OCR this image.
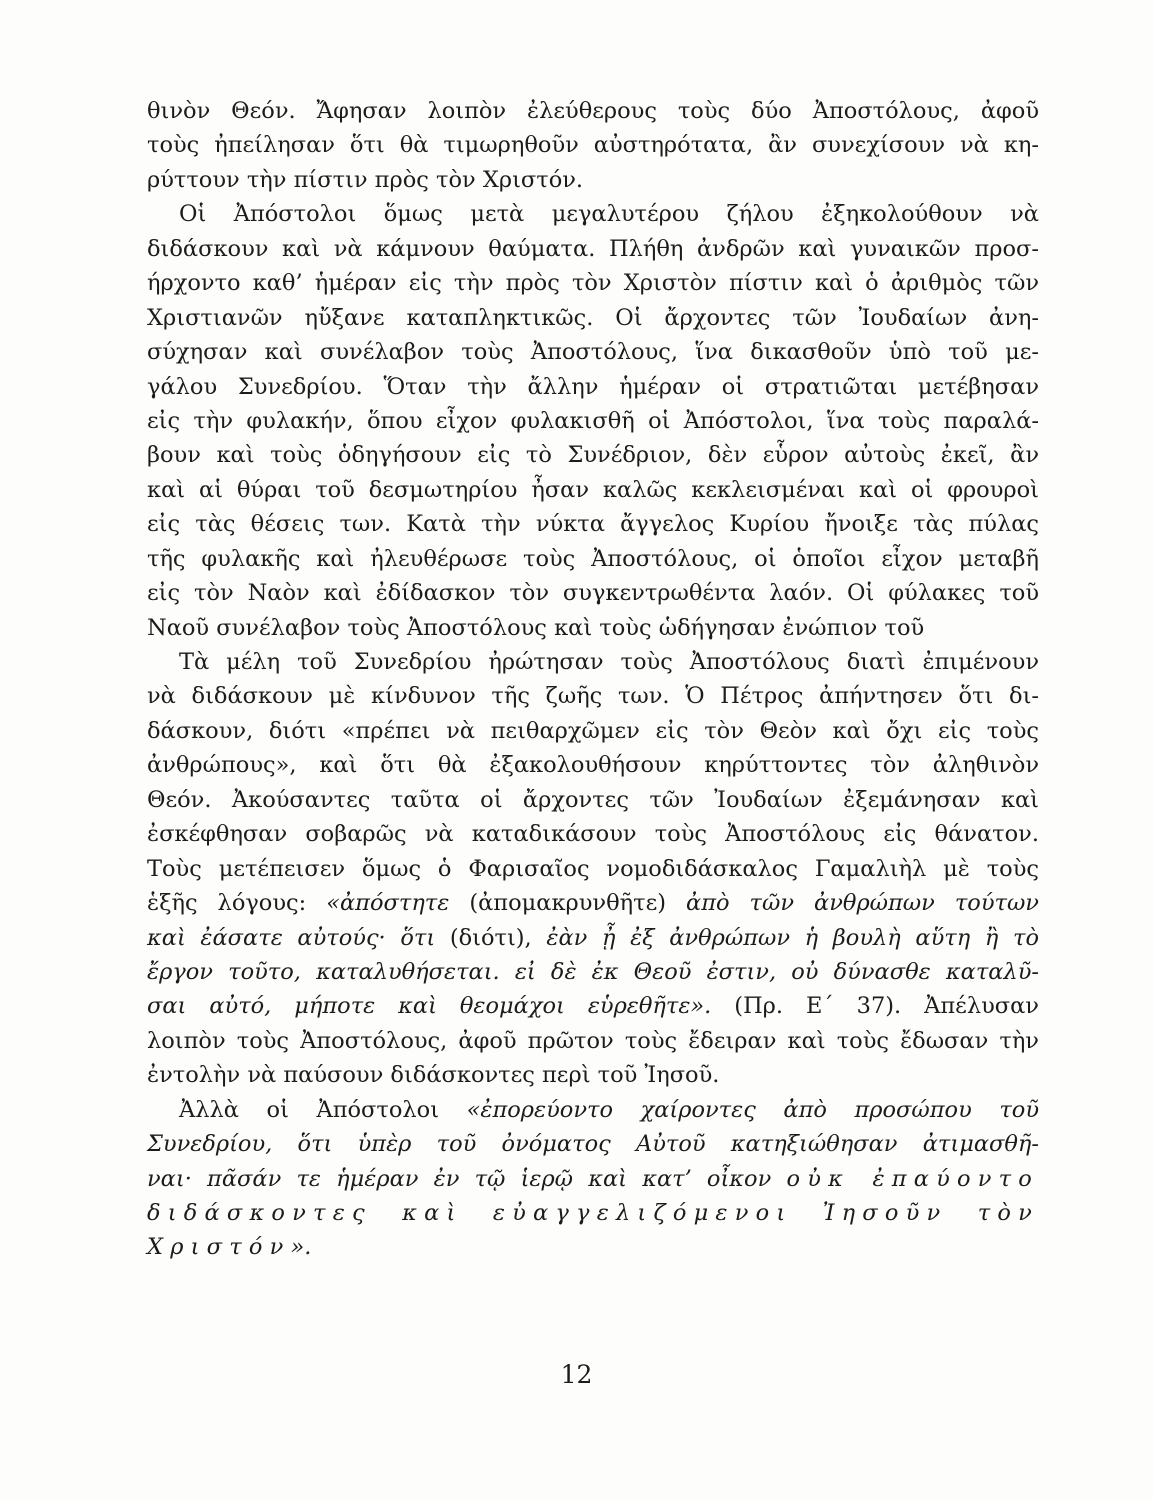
θινὸν Θεόν. Ἄφησαν λοιπὸν ἐλεύθερους τοὺς δύο Ἀποστόλους, ἀφοῦ
τοὺς ἠπείλησαν ὅτι θὰ τιμωρηθοῦν αὐστηρότατα, ἂν συνεχίσουν νὰ κη-
ρύττουν τὴν πίστιν πρὸς τὸν Χριστόν.
Οἱ Ἀπόστολοι ὅμως μετὰ μεγαλυτέρου ζήλου ἐξηκολούθουν νὰ
διδάσκουν καὶ νὰ κάμνουν θαύματα. Πλήθη ἀνδρῶν καὶ γυναικῶν προσ-
ήρχοντο καθ’ ἡμέραν εἰς τὴν πρὸς τὸν Χριστὸν πίστιν καὶ ὁ ἀριθμὸς τῶν
Χριστιανῶν ηὔξανε καταπληκτικῶς. Οἱ ἄρχοντες τῶν Ἰουδαίων ἀνη-
σύχησαν καὶ συνέλαβον τοὺς Ἀποστόλους, ἵνα δικασθοῦν ὑπὸ τοῦ με-
γάλου Συνεδρίου. Ὅταν τὴν ἄλλην ἡμέραν οἱ στρατιῶται μετέβησαν
εἰς τὴν φυλακήν, ὅπου εἶχον φυλακισθῆ οἱ Ἀπόστολοι, ἵνα τοὺς παραλά-
βουν καὶ τοὺς ὁδηγήσουν εἰς τὸ Συνέδριον, δὲν εὗρον αὐτοὺς ἐκεῖ, ἂν
καὶ αἱ θύραι τοῦ δεσμωτηρίου ἦσαν καλῶς κεκλεισμέναι καὶ οἱ φρουροὶ
εἰς τὰς θέσεις των. Κατὰ τὴν νύκτα ἄγγελος Κυρίου ἤνοιξε τὰς πύλας
τῆς φυλακῆς καὶ ἠλευθέρωσε τοὺς Ἀποστόλους, οἱ ὁποῖοι εἶχον μεταβῆ
εἰς τὸν Ναὸν καὶ ἐδίδασκον τὸν συγκεντρωθέντα λαόν. Οἱ φύλακες τοῦ
Ναοῦ συνέλαβον τοὺς Ἀποστόλους καὶ τοὺς ὡδήγησαν ἐνώπιον τοῦ
Τὰ μέλη τοῦ Συνεδρίου ἠρώτησαν τοὺς Ἀποστόλους διατὶ ἐπιμένουν
νὰ διδάσκουν μὲ κίνδυνον τῆς ζωῆς των. Ὁ Πέτρος ἀπήντησεν ὅτι δι-
δάσκουν, διότι «πρέπει νὰ πειθαρχῶμεν εἰς τὸν Θεὸν καὶ ὄχι εἰς τοὺς
ἀνθρώπους», καὶ ὅτι θὰ ἐξακολουθήσουν κηρύττοντες τὸν ἀληθινὸν
Θεόν. Ἀκούσαντες ταῦτα οἱ ἄρχοντες τῶν Ἰουδαίων ἐξεμάνησαν καὶ
ἐσκέφθησαν σοβαρῶς νὰ καταδικάσουν τοὺς Ἀποστόλους εἰς θάνατον.
Τοὺς μετέπεισεν ὅμως ὁ Φαρισαῖος νομοδιδάσκαλος Γαμαλιὴλ μὲ τοὺς
ἑξῆς λόγους: «ἀπόστητε (ἀπομακρυνθῆτε) ἀπὸ τῶν ἀνθρώπων τούτων
καὶ ἐάσατε αὐτούς· ὅτι (διότι), ἐὰν ᾖ ἐξ ἀνθρώπων ἡ βουλὴ αὕτη ἢ τὸ
ἔργον τοῦτο, καταλυθήσεται. εἰ δὲ ἐκ Θεοῦ ἐστιν, οὐ δύνασθε καταλῦ-
σαι αὐτό, μήποτε καὶ θεομάχοι εὑρεθῆτε». (Πρ. Ε΄ 37). Ἀπέλυσαν
λοιπὸν τοὺς Ἀποστόλους, ἀφοῦ πρῶτον τοὺς ἔδειραν καὶ τοὺς ἔδωσαν τὴν
ἐντολὴν νὰ παύσουν διδάσκοντες περὶ τοῦ Ἰησοῦ.
Ἀλλὰ οἱ Ἀπόστολοι «ἐπορεύοντο χαίροντες ἀπὸ προσώπου τοῦ
Συνεδρίου, ὅτι ὑπὲρ τοῦ ὀνόματος Αὐτοῦ κατηξιώθησαν ἀτιμασθῆ-
ναι· πᾶσάν τε ἡμέραν ἐν τῷ ἱερῷ καὶ κατ’ οἶκον οὐκ ἐπαύοντο
διδάσκοντες καὶ εὐαγγελιζόμενοι Ἰησοῦν τὸν
Χριστόν».
12
